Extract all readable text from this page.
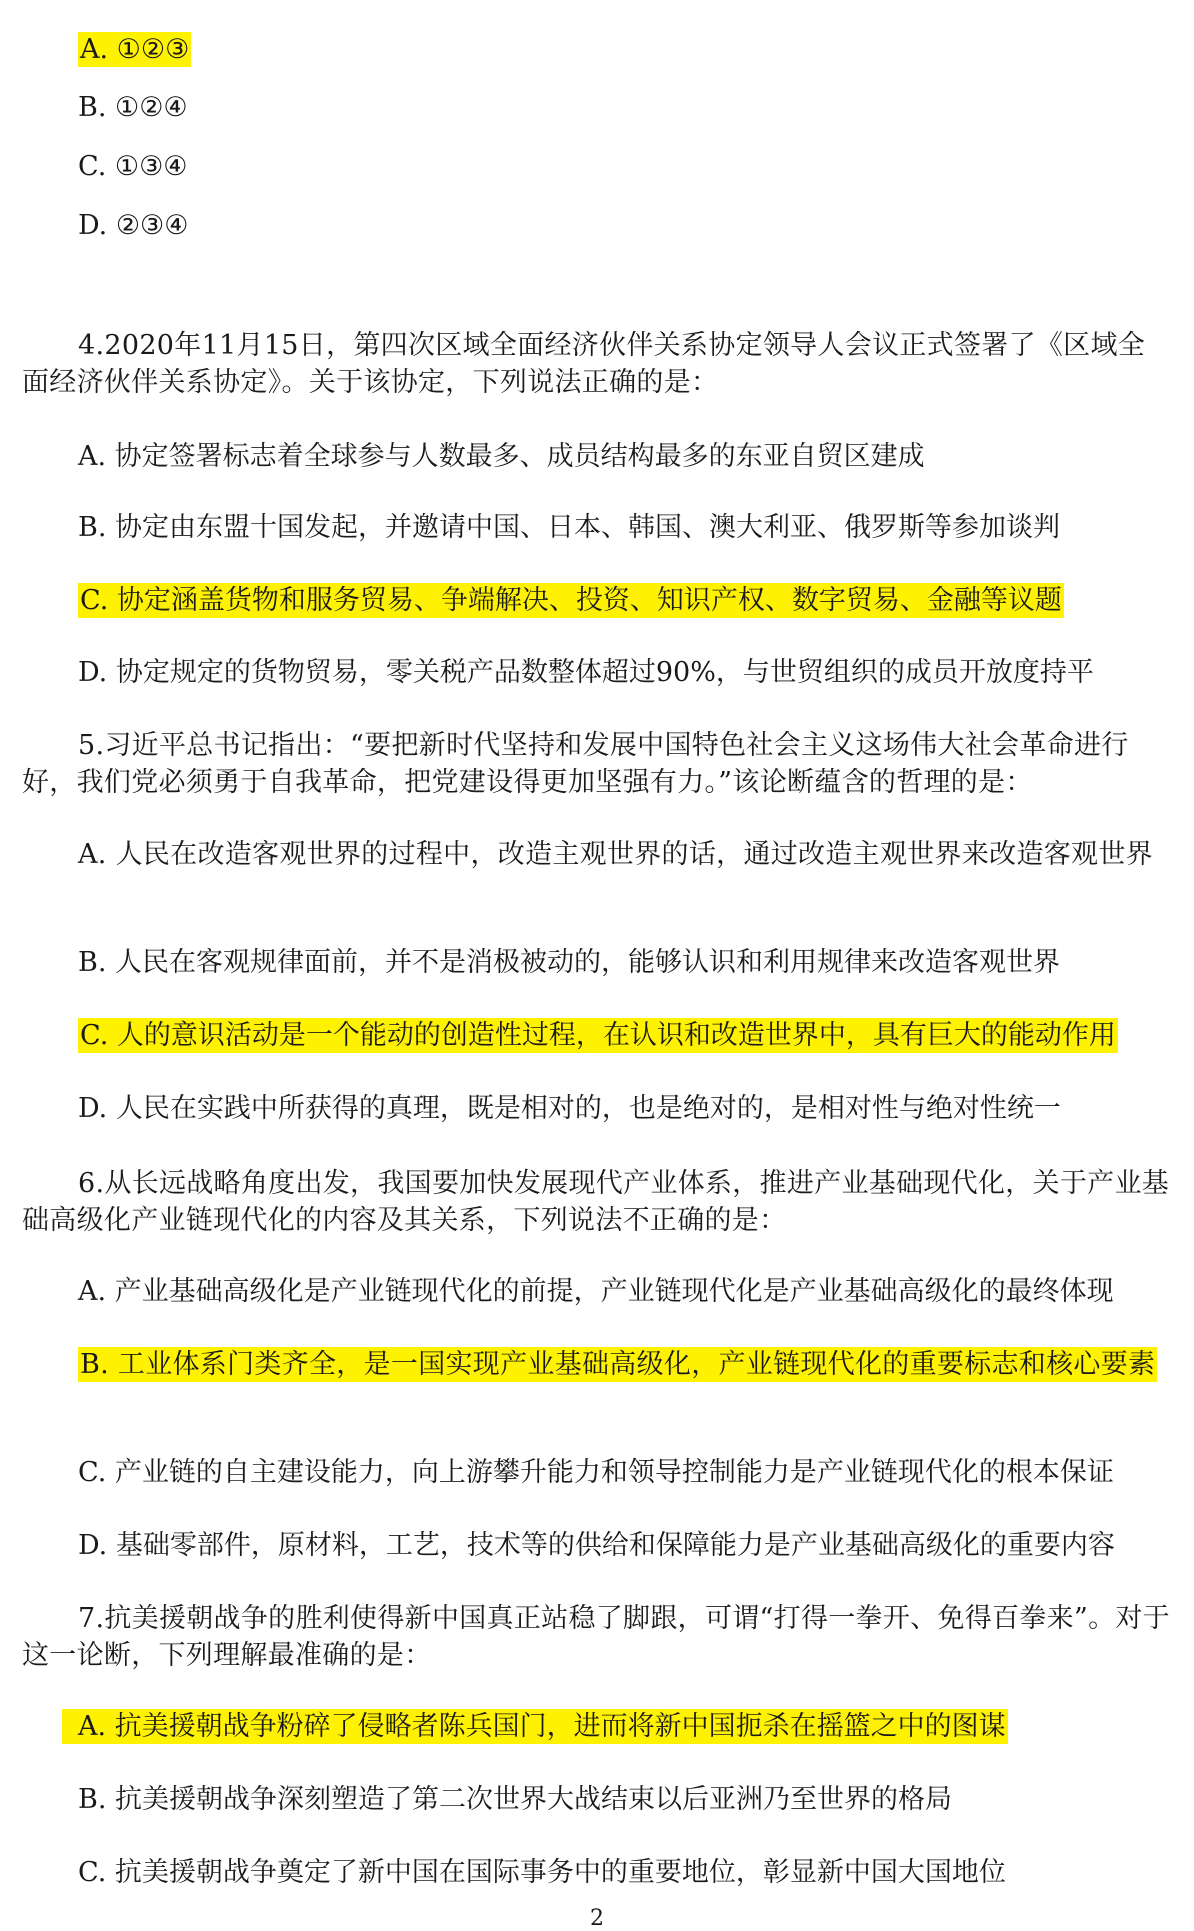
A. ①②③
B. ①②④
C. ①③④
D. ②③④
4.2020年11月15日，第四次区域全面经济伙伴关系协定领导人会议正式签署了《区域全面经济伙伴关系协定》。关于该协定，下列说法正确的是：
A. 协定签署标志着全球参与人数最多、成员结构最多的东亚自贸区建成
B. 协定由东盟十国发起，并邀请中国、日本、韩国、澳大利亚、俄罗斯等参加谈判
C. 协定涵盖货物和服务贸易、争端解决、投资、知识产权、数字贸易、金融等议题
D. 协定规定的货物贸易，零关税产品数整体超过90%，与世贸组织的成员开放度持平
5.习近平总书记指出：“要把新时代坚持和发展中国特色社会主义这场伟大社会革命进行好，我们党必须勇于自我革命，把党建设得更加坚强有力。”该论断蕴含的哲理的是：
A. 人民在改造客观世界的过程中，改造主观世界的话，通过改造主观世界来改造客观世界
B. 人民在客观规律面前，并不是消极被动的，能够认识和利用规律来改造客观世界
C. 人的意识活动是一个能动的创造性过程，在认识和改造世界中，具有巨大的能动作用
D. 人民在实践中所获得的真理，既是相对的，也是绝对的，是相对性与绝对性统一
6.从长远战略角度出发，我国要加快发展现代产业体系，推进产业基础现代化，关于产业基础高级化产业链现代化的内容及其关系，下列说法不正确的是：
A. 产业基础高级化是产业链现代化的前提，产业链现代化是产业基础高级化的最终体现
B. 工业体系门类齐全，是一国实现产业基础高级化，产业链现代化的重要标志和核心要素
C. 产业链的自主建设能力，向上游攀升能力和领导控制能力是产业链现代化的根本保证
D. 基础零部件，原材料，工艺，技术等的供给和保障能力是产业基础高级化的重要内容
7.抗美援朝战争的胜利使得新中国真正站稳了脚跟，可谓“打得一拳开、免得百拳来”。对于这一论断，下列理解最准确的是：
A. 抗美援朝战争粉碎了侵略者陈兵国门，进而将新中国扼杀在摇篮之中的图谋
B. 抗美援朝战争深刻塑造了第二次世界大战结束以后亚洲乃至世界的格局
C. 抗美援朝战争奠定了新中国在国际事务中的重要地位，彰显新中国大国地位
2
